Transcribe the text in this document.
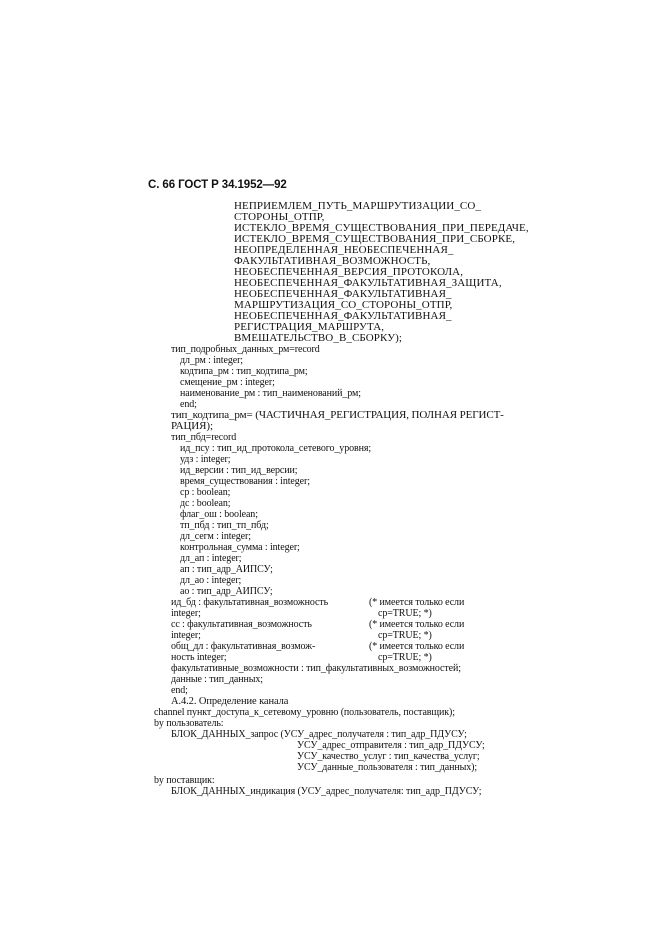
С. 66 ГОСТ Р 34.1952—92
НЕПРИЕМЛЕМ_ПУТЬ_МАРШРУТИЗАЦИИ_СО_
СТОРОНЫ_ОТПР,
ИСТЕКЛО_ВРЕМЯ_СУЩЕСТВОВАНИЯ_ПРИ_ПЕРЕДАЧЕ,
ИСТЕКЛО_ВРЕМЯ_СУЩЕСТВОВАНИЯ_ПРИ_СБОРКЕ,
НЕОПРЕДЕЛЕННАЯ_НЕОБЕСПЕЧЕННАЯ_
ФАКУЛЬТАТИВНАЯ_ВОЗМОЖНОСТЬ,
НЕОБЕСПЕЧЕННАЯ_ВЕРСИЯ_ПРОТОКОЛА,
НЕОБЕСПЕЧЕННАЯ_ФАКУЛЬТАТИВНАЯ_ЗАЩИТА,
НЕОБЕСПЕЧЕННАЯ_ФАКУЛЬТАТИВНАЯ_
МАРШРУТИЗАЦИЯ_СО_СТОРОНЫ_ОТПР,
НЕОБЕСПЕЧЕННАЯ_ФАКУЛЬТАТИВНАЯ_
РЕГИСТРАЦИЯ_МАРШРУТА,
ВМЕШАТЕЛЬСТВО_В_СБОРКУ);
тип_подробных_данных_рм=record
дл_рм : integer;
кодтипа_рм : тип_кодтипа_рм;
смещение_рм : integer;
наименование_рм : тип_наименований_рм;
end;
тип_кодтипа_рм= (ЧАСТИЧНАЯ_РЕГИСТРАЦИЯ, ПОЛНАЯ РЕГИСТ-
РАЦИЯ);
тип_пбд=record
ид_псу : тип_ид_протокола_сетевого_уровня;
удз : integer;
ид_версии : тип_ид_версии;
время_существования : integer;
ср : boolean;
дс : boolean;
флаг_ош : boolean;
тп_пбд : тип_тп_пбд;
дл_сегм : integer;
контрольная_сумма : integer;
дл_ап : integer;
ап : тип_адр_АИПСУ;
дл_ао : integer;
ао : тип_адр_АИПСУ;
ид_бд : факультативная_возможность	(* имеется только если
integer;	ср=TRUE; *)
сс : факультативная_возможность	(* имеется только если
integer;	ср=TRUE; *)
общ_дл : факультативная_возмож-	(* имеется только если
ность integer;	ср=TRUE; *)
факультативные_возможности : тип_факультативных_возможностей;
данные : тип_данных;
end;
А.4.2. Определение канала
channel пункт_доступа_к_сетевому_уровню (пользователь, поставщик);
by пользователь:
БЛОК_ДАННЫХ_запрос (УСУ_адрес_получателя : тип_адр_ПДУСУ;
УСУ_адрес_отправителя : тип_адр_ПДУСУ;
УСУ_качество_услуг : тип_качества_услуг;
УСУ_данные_пользователя : тип_данных);
by поставщик:
БЛОК_ДАННЫХ_индикация (УСУ_адрес_получателя: тип_адр_ПДУСУ;
